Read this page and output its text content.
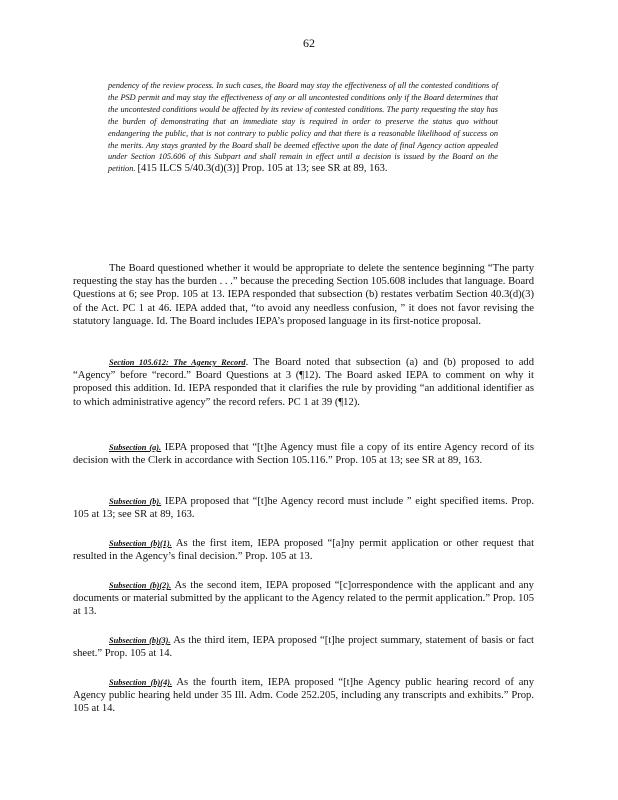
62
pendency of the review process. In such cases, the Board may stay the effectiveness of all the contested conditions of the PSD permit and may stay the effectiveness of any or all uncontested conditions only if the Board determines that the uncontested conditions would be affected by its review of contested conditions. The party requesting the stay has the burden of demonstrating that an immediate stay is required in order to preserve the status quo without endangering the public, that is not contrary to public policy and that there is a reasonable likelihood of success on the merits. Any stays granted by the Board shall be deemed effective upon the date of final Agency action appealed under Section 105.606 of this Subpart and shall remain in effect until a decision is issued by the Board on the petition. [415 ILCS 5/40.3(d)(3)] Prop. 105 at 13; see SR at 89, 163.
The Board questioned whether it would be appropriate to delete the sentence beginning “The party requesting the stay has the burden . . .” because the preceding Section 105.608 includes that language. Board Questions at 6; see Prop. 105 at 13. IEPA responded that subsection (b) restates verbatim Section 40.3(d)(3) of the Act. PC 1 at 46. IEPA added that, “to avoid any needless confusion, ” it does not favor revising the statutory language. Id. The Board includes IEPA’s proposed language in its first-notice proposal.
Section 105.612: The Agency Record. The Board noted that subsection (a) and (b) proposed to add “Agency” before “record.” Board Questions at 3 (¶12). The Board asked IEPA to comment on why it proposed this addition. Id. IEPA responded that it clarifies the rule by providing “an additional identifier as to which administrative agency” the record refers. PC 1 at 39 (¶12).
Subsection (a). IEPA proposed that “[t]he Agency must file a copy of its entire Agency record of its decision with the Clerk in accordance with Section 105.116.” Prop. 105 at 13; see SR at 89, 163.
Subsection (b). IEPA proposed that “[t]he Agency record must include ” eight specified items. Prop. 105 at 13; see SR at 89, 163.
Subsection (b)(1). As the first item, IEPA proposed “[a]ny permit application or other request that resulted in the Agency’s final decision.” Prop. 105 at 13.
Subsection (b)(2). As the second item, IEPA proposed “[c]orrespondence with the applicant and any documents or material submitted by the applicant to the Agency related to the permit application.” Prop. 105 at 13.
Subsection (b)(3). As the third item, IEPA proposed “[t]he project summary, statement of basis or fact sheet.” Prop. 105 at 14.
Subsection (b)(4). As the fourth item, IEPA proposed “[t]he Agency public hearing record of any Agency public hearing held under 35 Ill. Adm. Code 252.205, including any transcripts and exhibits.” Prop. 105 at 14.
